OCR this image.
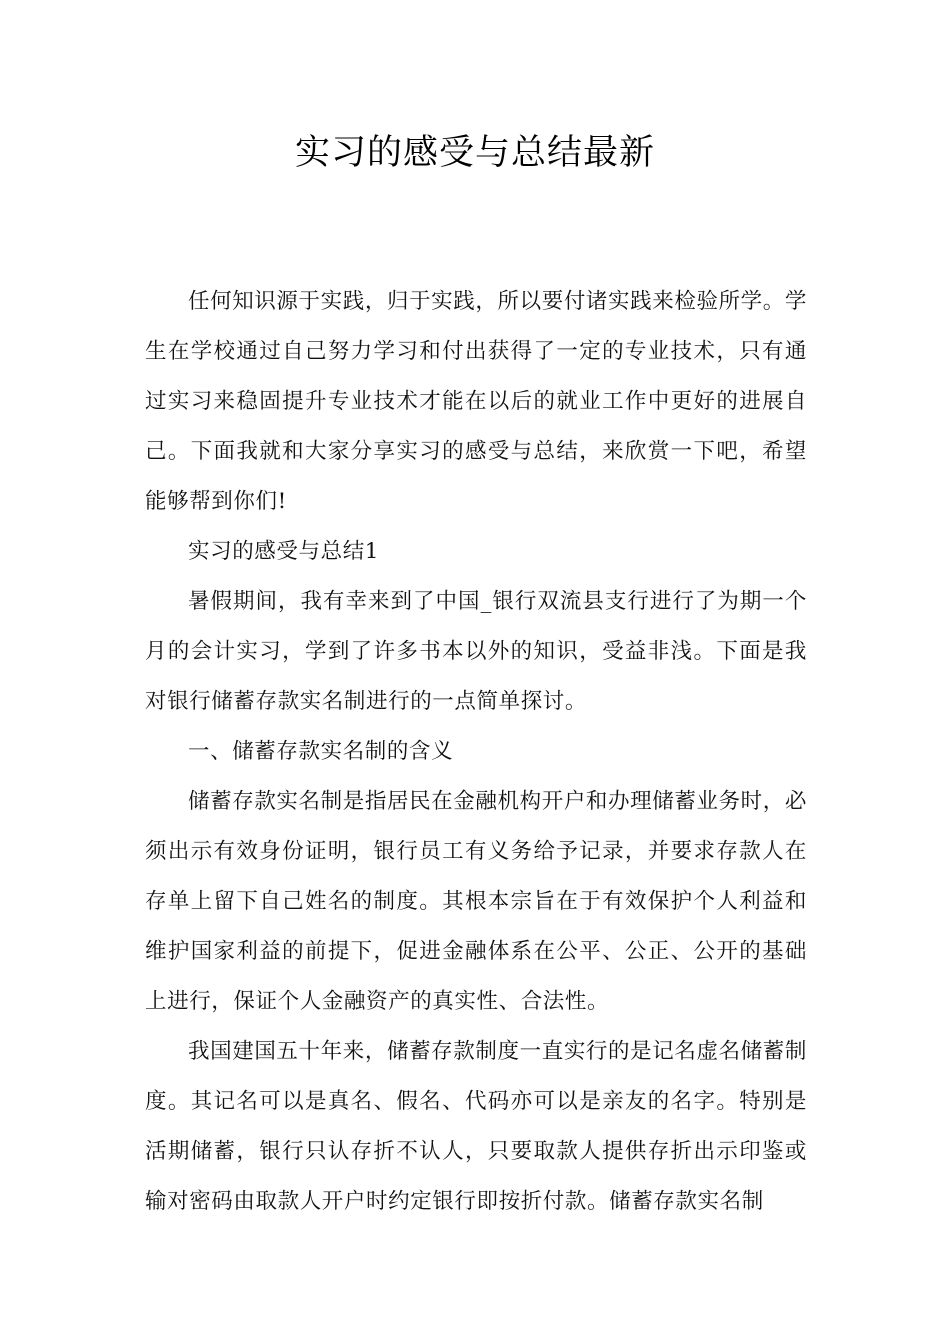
实习的感受与总结最新

任何知识源于实践，归于实践，所以要付诸实践来检验所学。学生在学校通过自己努力学习和付出获得了一定的专业技术，只有通过实习来稳固提升专业技术才能在以后的就业工作中更好的进展自己。下面我就和大家分享实习的感受与总结，来欣赏一下吧，希望能够帮到你们!

实习的感受与总结1

暑假期间，我有幸来到了中国_银行双流县支行进行了为期一个月的会计实习，学到了许多书本以外的知识，受益非浅。下面是我对银行储蓄存款实名制进行的一点简单探讨。

一、储蓄存款实名制的含义

储蓄存款实名制是指居民在金融机构开户和办理储蓄业务时，必须出示有效身份证明，银行员工有义务给予记录，并要求存款人在存单上留下自己姓名的制度。其根本宗旨在于有效保护个人利益和维护国家利益的前提下，促进金融体系在公平、公正、公开的基础上进行，保证个人金融资产的真实性、合法性。

我国建国五十年来，储蓄存款制度一直实行的是记名虚名储蓄制度。其记名可以是真名、假名、代码亦可以是亲友的名字。特别是活期储蓄，银行只认存折不认人，只要取款人提供存折出示印鉴或输对密码由取款人开户时约定银行即按折付款。储蓄存款实名制
